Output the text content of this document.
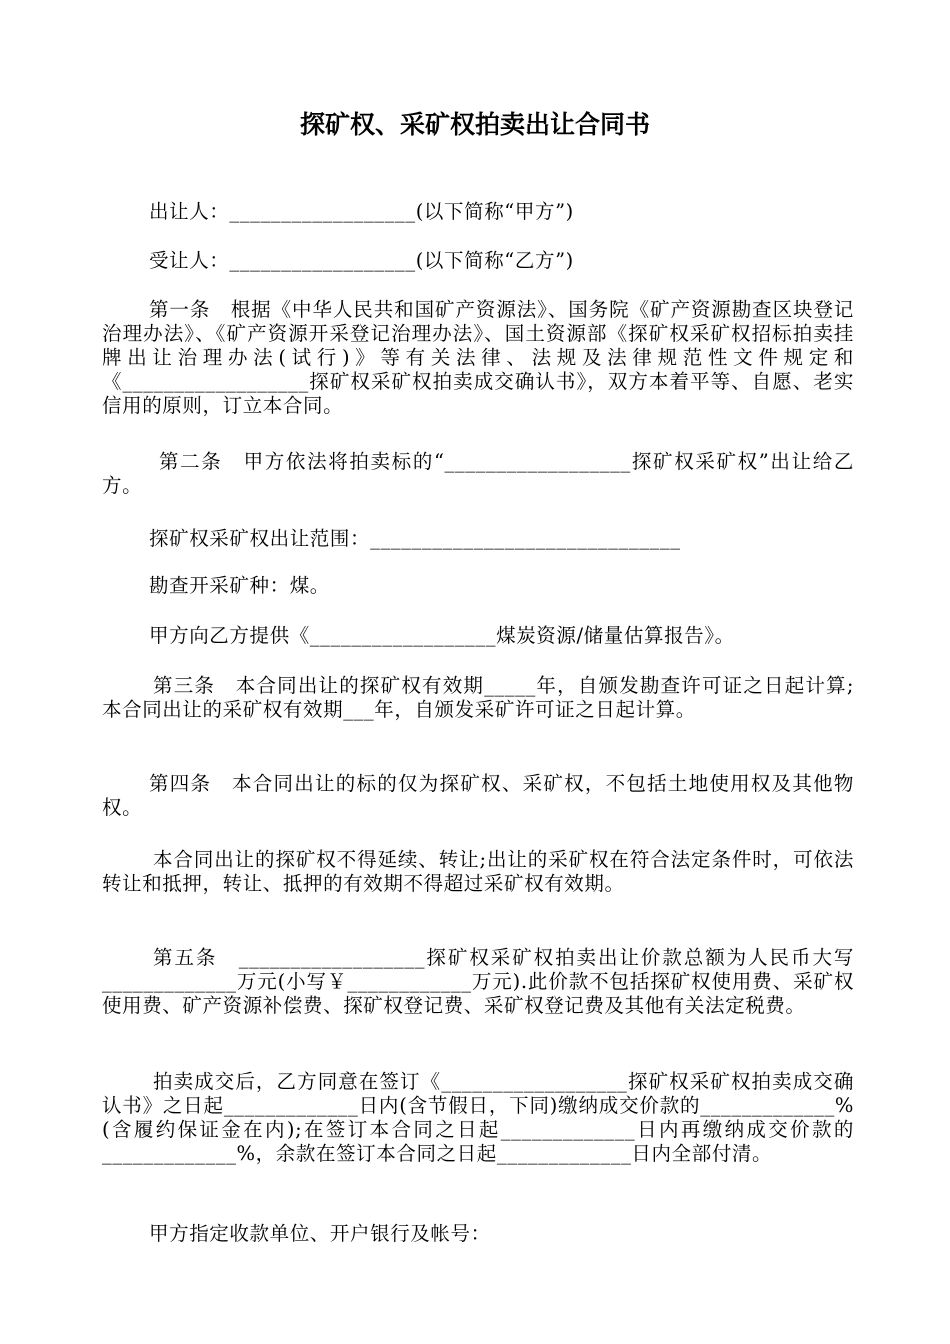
探矿权、采矿权拍卖出让合同书
出让人：__________________(以下简称“甲方”)
受让人：__________________(以下简称“乙方”)
第一条　根据《中华人民共和国矿产资源法》、国务院《矿产资源勘查区块登记治理办法》、《矿产资源开采登记治理办法》、国土资源部《探矿权采矿权招标拍卖挂牌出让治理办法(试行)》等有关法律、法规及法律规范性文件规定和《__________________探矿权采矿权拍卖成交确认书》，双方本着平等、自愿、老实信用的原则，订立本合同。
第二条　甲方依法将拍卖标的“__________________探矿权采矿权”出让给乙方。
探矿权采矿权出让范围：______________________________
勘查开采矿种：煤。
甲方向乙方提供《__________________煤炭资源/储量估算报告》。
第三条　本合同出让的探矿权有效期_____年，自颁发勘查许可证之日起计算;本合同出让的采矿权有效期___年，自颁发采矿许可证之日起计算。
第四条　本合同出让的标的仅为探矿权、采矿权，不包括土地使用权及其他物权。
本合同出让的探矿权不得延续、转让;出让的采矿权在符合法定条件时，可依法转让和抵押，转让、抵押的有效期不得超过采矿权有效期。
第五条　__________________探矿权采矿权拍卖出让价款总额为人民币大写_____________万元(小写￥____________万元).此价款不包括探矿权使用费、采矿权使用费、矿产资源补偿费、探矿权登记费、采矿权登记费及其他有关法定税费。
拍卖成交后，乙方同意在签订《__________________探矿权采矿权拍卖成交确认书》之日起_____________日内(含节假日，下同)缴纳成交价款的_____________%(含履约保证金在内);在签订本合同之日起_____________日内再缴纳成交价款的_____________%，余款在签订本合同之日起_____________日内全部付清。
甲方指定收款单位、开户银行及帐号：
